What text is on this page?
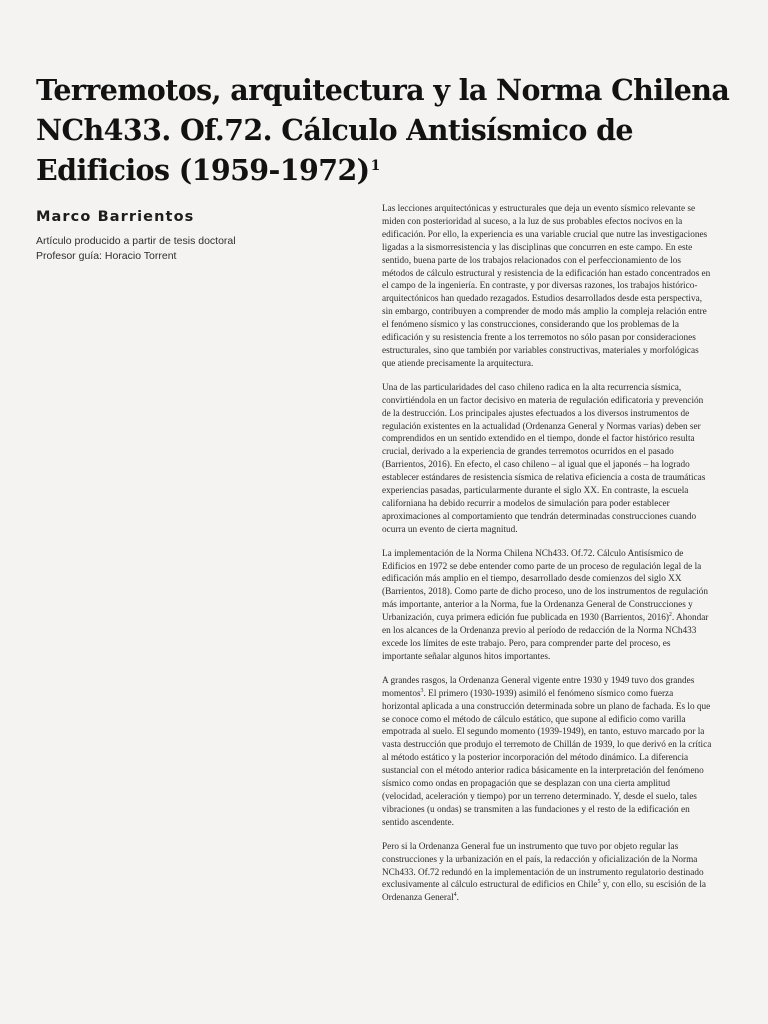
Terremotos, arquitectura y la Norma Chilena NCh433. Of.72. Cálculo Antisísmico de Edificios (1959-1972)$^1$
Marco Barrientos

Artículo producido a partir de tesis doctoral

Profesor guía: Horacio Torrent

Las lecciones arquitectónicas y estructurales que deja un evento sísmico relevante se miden con posterioridad al suceso, a la luz de sus probables efectos nocivos en la edificación. Por ello, la experiencia es una variable crucial que nutre las investigaciones ligadas a la sismorresistencia y las disciplinas que concurren en este campo. En este sentido, buena parte de los trabajos relacionados con el perfeccionamiento de los métodos de cálculo estructural y resistencia de la edificación han estado concentrados en el campo de la ingeniería. En contraste, y por diversas razones, los trabajos histórico-arquitectónicos han quedado rezagados. Estudios desarrollados desde esta perspectiva, sin embargo, contribuyen a comprender de modo más amplio la compleja relación entre el fenómeno sísmico y las construcciones, considerando que los problemas de la edificación y su resistencia frente a los terremotos no sólo pasan por consideraciones estructurales, sino que también por variables constructivas, materiales y morfológicas que atiende precisamente la arquitectura.

Una de las particularidades del caso chileno radica en la alta recurrencia sísmica, convirtiéndola en un factor decisivo en materia de regulación edificatoria y prevención de la destrucción. Los principales ajustes efectuados a los diversos instrumentos de regulación existentes en la actualidad (Ordenanza General y Normas varias) deben ser comprendidos en un sentido extendido en el tiempo, donde el factor histórico resulta crucial, derivado a la experiencia de grandes terremotos ocurridos en el pasado (Barrientos, 2016). En efecto, el caso chileno – al igual que el japonés – ha logrado establecer estándares de resistencia sísmica de relativa eficiencia a costa de traumáticas experiencias pasadas, particularmente durante el siglo XX. En contraste, la escuela californiana ha debido recurrir a modelos de simulación para poder establecer aproximaciones al comportamiento que tendrán determinadas construcciones cuando ocurra un evento de cierta magnitud.

La implementación de la Norma Chilena NCh433. Of.72. Cálculo Antisísmico de Edificios en 1972 se debe entender como parte de un proceso de regulación legal de la edificación más amplio en el tiempo, desarrollado desde comienzos del siglo XX (Barrientos, 2018). Como parte de dicho proceso, uno de los instrumentos de regulación más importante, anterior a la Norma, fue la Ordenanza General de Construcciones y Urbanización, cuya primera edición fue publicada en 1930 (Barrientos, 2016)$^2$. Ahondar en los alcances de la Ordenanza previo al período de redacción de la Norma NCh433 excede los límites de este trabajo. Pero, para comprender parte del proceso, es importante señalar algunos hitos importantes.

A grandes rasgos, la Ordenanza General vigente entre 1930 y 1949 tuvo dos grandes momentos$^3$. El primero (1930-1939) asimiló el fenómeno sísmico como fuerza horizontal aplicada a una construcción determinada sobre un plano de fachada. Es lo que se conoce como el método de cálculo estático, que supone al edificio como varilla empotrada al suelo. El segundo momento (1939-1949), en tanto, estuvo marcado por la vasta destrucción que produjo el terremoto de Chillán de 1939, lo que derivó en la crítica al método estático y la posterior incorporación del método dinámico. La diferencia sustancial con el método anterior radica básicamente en la interpretación del fenómeno sísmico como ondas en propagación que se desplazan con una cierta amplitud (velocidad, aceleración y tiempo) por un terreno determinado. Y, desde el suelo, tales vibraciones (u ondas) se transmiten a las fundaciones y el resto de la edificación en sentido ascendente.

Pero si la Ordenanza General fue un instrumento que tuvo por objeto regular las construcciones y la urbanización en el país, la redacción y oficialización de la Norma NCh433. Of.72 redundó en la implementación de un instrumento regulatorio destinado exclusivamente al cálculo estructural de edificios en Chile$^5$ y, con ello, su escisión de la Ordenanza General$^4$.
